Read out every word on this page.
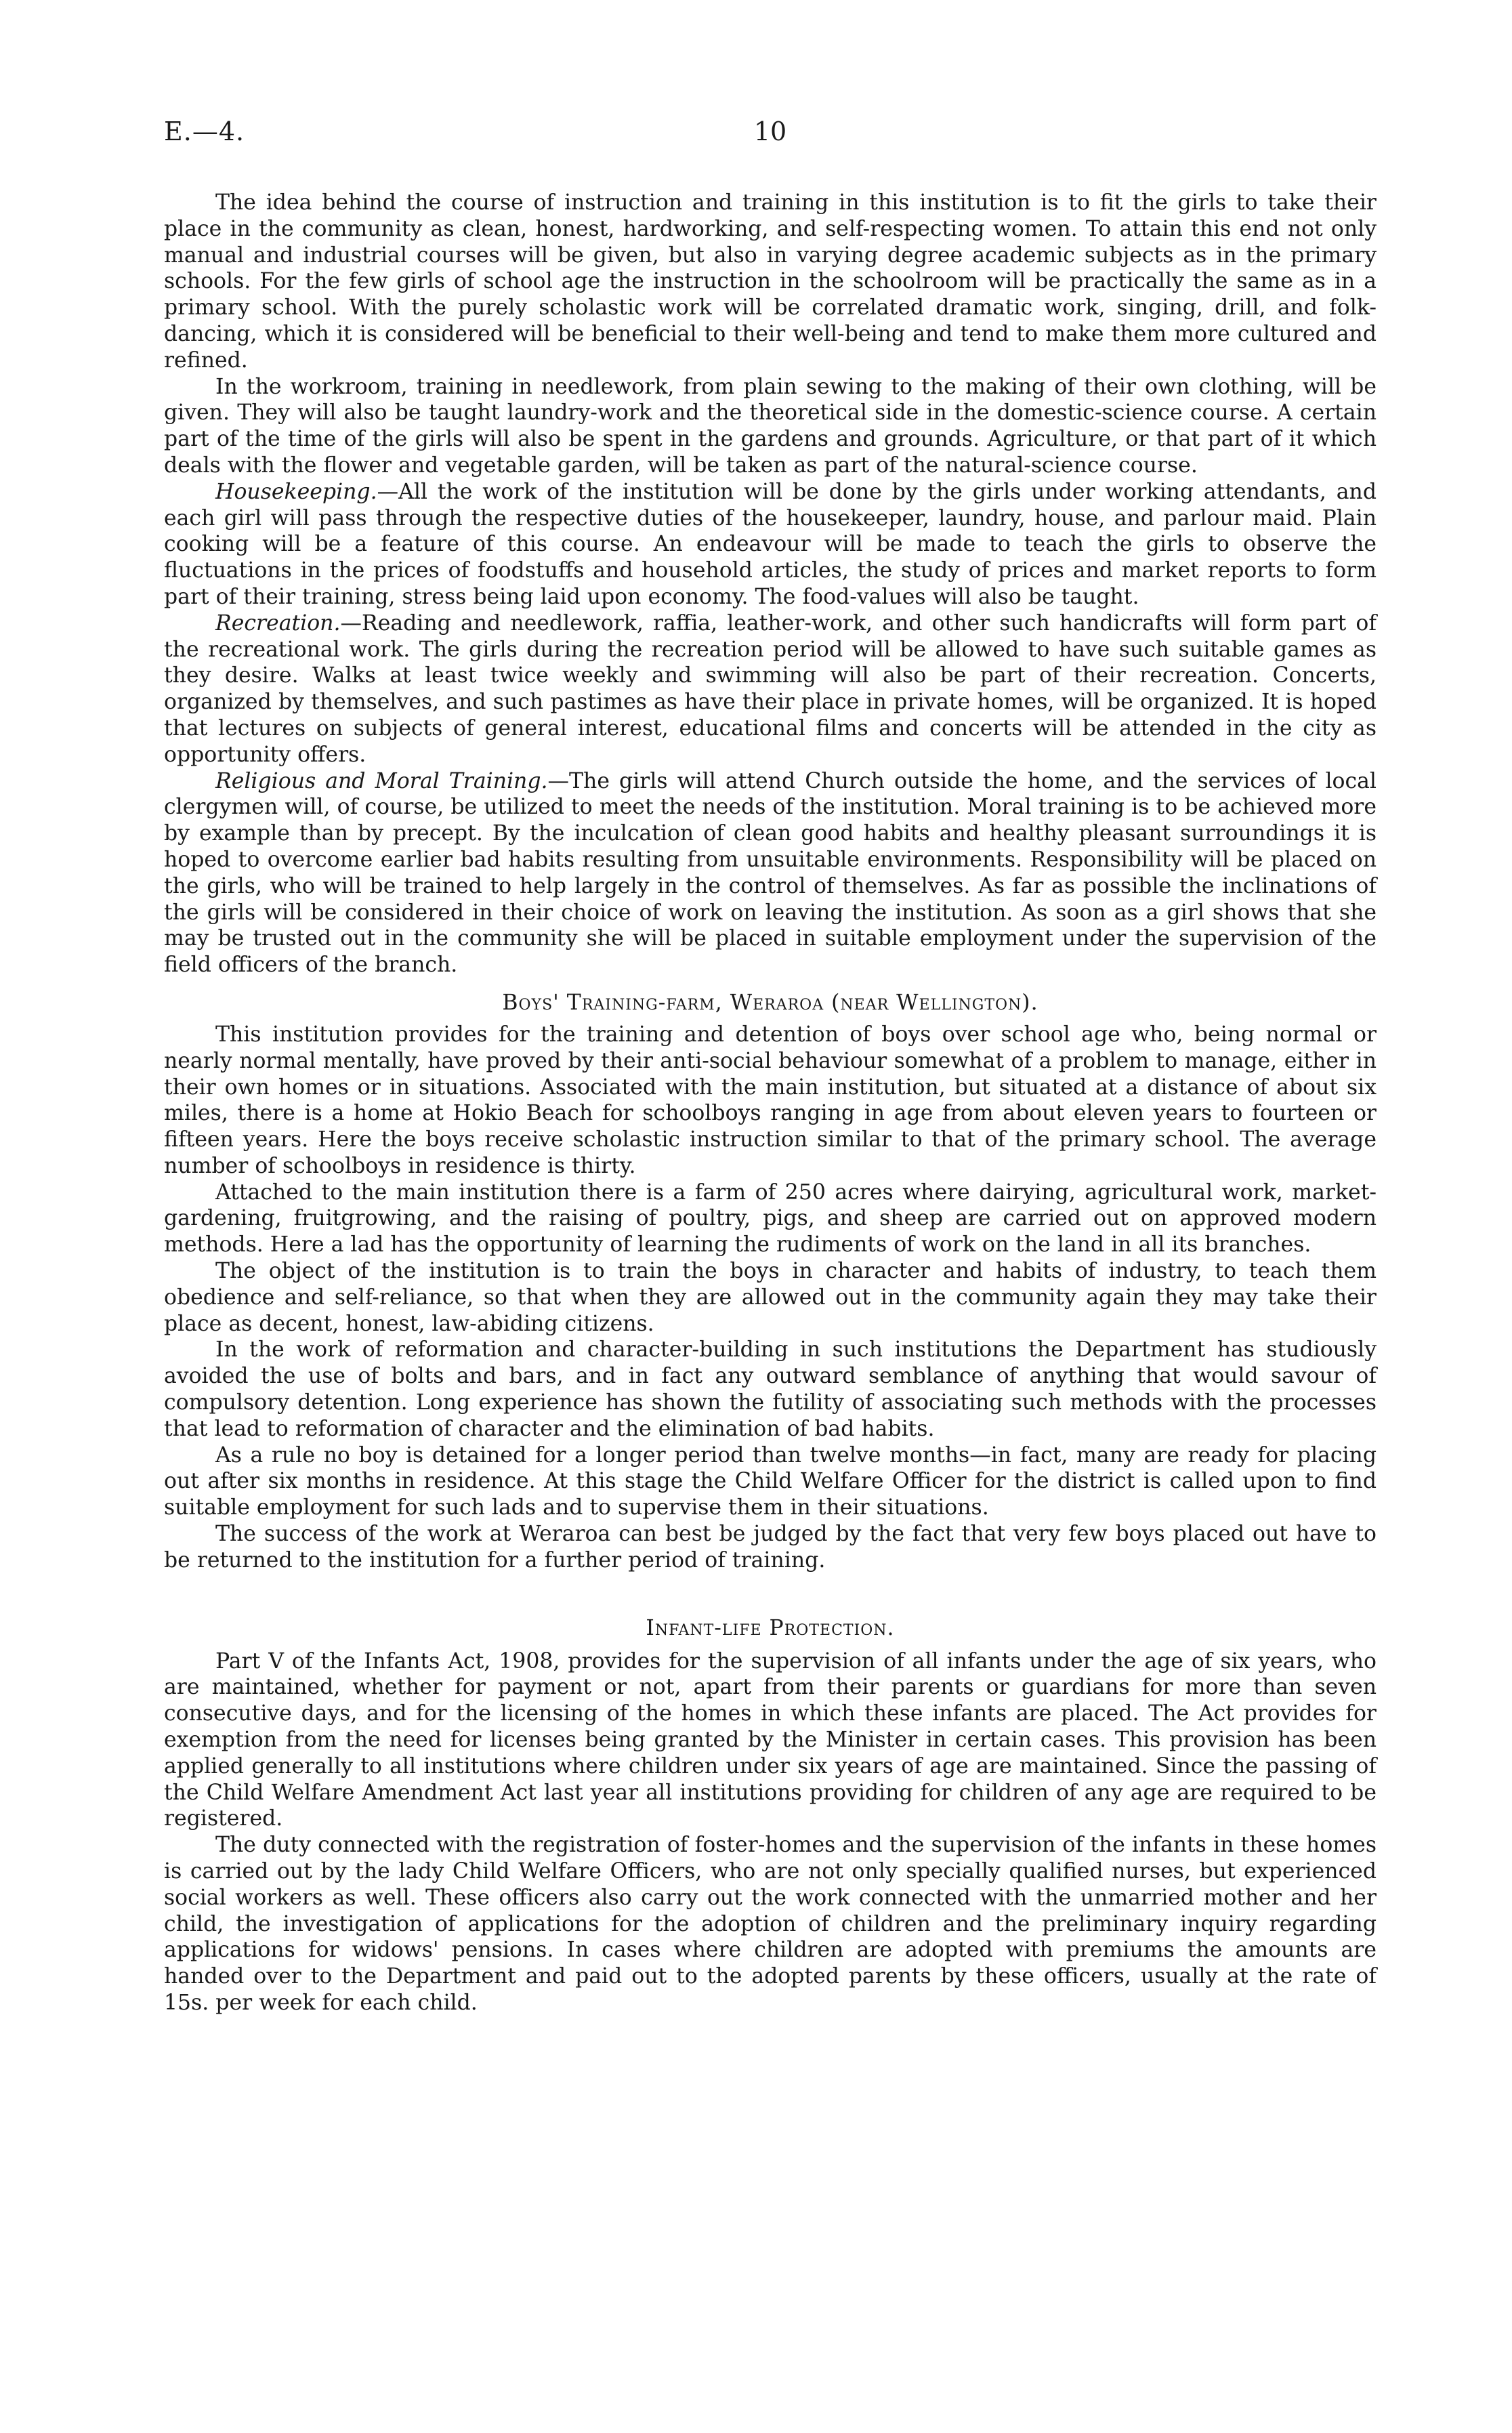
E.—4.	10

The idea behind the course of instruction and training in this institution is to fit the girls to take their place in the community as clean, honest, hardworking, and self-respecting women. To attain this end not only manual and industrial courses will be given, but also in varying degree academic subjects as in the primary schools. For the few girls of school age the instruction in the schoolroom will be practically the same as in a primary school. With the purely scholastic work will be correlated dramatic work, singing, drill, and folk-dancing, which it is considered will be beneficial to their well-being and tend to make them more cultured and refined.

In the workroom, training in needlework, from plain sewing to the making of their own clothing, will be given. They will also be taught laundry-work and the theoretical side in the domestic-science course. A certain part of the time of the girls will also be spent in the gardens and grounds. Agriculture, or that part of it which deals with the flower and vegetable garden, will be taken as part of the natural-science course.

Housekeeping.—All the work of the institution will be done by the girls under working attendants, and each girl will pass through the respective duties of the housekeeper, laundry, house, and parlour maid. Plain cooking will be a feature of this course. An endeavour will be made to teach the girls to observe the fluctuations in the prices of foodstuffs and household articles, the study of prices and market reports to form part of their training, stress being laid upon economy. The food-values will also be taught.

Recreation.—Reading and needlework, raffia, leather-work, and other such handicrafts will form part of the recreational work. The girls during the recreation period will be allowed to have such suitable games as they desire. Walks at least twice weekly and swimming will also be part of their recreation. Concerts, organized by themselves, and such pastimes as have their place in private homes, will be organized. It is hoped that lectures on subjects of general interest, educational films and concerts will be attended in the city as opportunity offers.

Religious and Moral Training.—The girls will attend Church outside the home, and the services of local clergymen will, of course, be utilized to meet the needs of the institution. Moral training is to be achieved more by example than by precept. By the inculcation of clean good habits and healthy pleasant surroundings it is hoped to overcome earlier bad habits resulting from unsuitable environments. Responsibility will be placed on the girls, who will be trained to help largely in the control of themselves. As far as possible the inclinations of the girls will be considered in their choice of work on leaving the institution. As soon as a girl shows that she may be trusted out in the community she will be placed in suitable employment under the supervision of the field officers of the branch.

Boys' Training-farm, Weraroa (near Wellington).

This institution provides for the training and detention of boys over school age who, being normal or nearly normal mentally, have proved by their anti-social behaviour somewhat of a problem to manage, either in their own homes or in situations. Associated with the main institution, but situated at a distance of about six miles, there is a home at Hokio Beach for schoolboys ranging in age from about eleven years to fourteen or fifteen years. Here the boys receive scholastic instruction similar to that of the primary school. The average number of schoolboys in residence is thirty.

Attached to the main institution there is a farm of 250 acres where dairying, agricultural work, market-gardening, fruitgrowing, and the raising of poultry, pigs, and sheep are carried out on approved modern methods. Here a lad has the opportunity of learning the rudiments of work on the land in all its branches.

The object of the institution is to train the boys in character and habits of industry, to teach them obedience and self-reliance, so that when they are allowed out in the community again they may take their place as decent, honest, law-abiding citizens.

In the work of reformation and character-building in such institutions the Department has studiously avoided the use of bolts and bars, and in fact any outward semblance of anything that would savour of compulsory detention. Long experience has shown the futility of associating such methods with the processes that lead to reformation of character and the elimination of bad habits.

As a rule no boy is detained for a longer period than twelve months—in fact, many are ready for placing out after six months in residence. At this stage the Child Welfare Officer for the district is called upon to find suitable employment for such lads and to supervise them in their situations.

The success of the work at Weraroa can best be judged by the fact that very few boys placed out have to be returned to the institution for a further period of training.

Infant-life Protection.

Part V of the Infants Act, 1908, provides for the supervision of all infants under the age of six years, who are maintained, whether for payment or not, apart from their parents or guardians for more than seven consecutive days, and for the licensing of the homes in which these infants are placed. The Act provides for exemption from the need for licenses being granted by the Minister in certain cases. This provision has been applied generally to all institutions where children under six years of age are maintained. Since the passing of the Child Welfare Amendment Act last year all institutions providing for children of any age are required to be registered.

The duty connected with the registration of foster-homes and the supervision of the infants in these homes is carried out by the lady Child Welfare Officers, who are not only specially qualified nurses, but experienced social workers as well. These officers also carry out the work connected with the unmarried mother and her child, the investigation of applications for the adoption of children and the preliminary inquiry regarding applications for widows' pensions. In cases where children are adopted with premiums the amounts are handed over to the Department and paid out to the adopted parents by these officers, usually at the rate of 15s. per week for each child.
